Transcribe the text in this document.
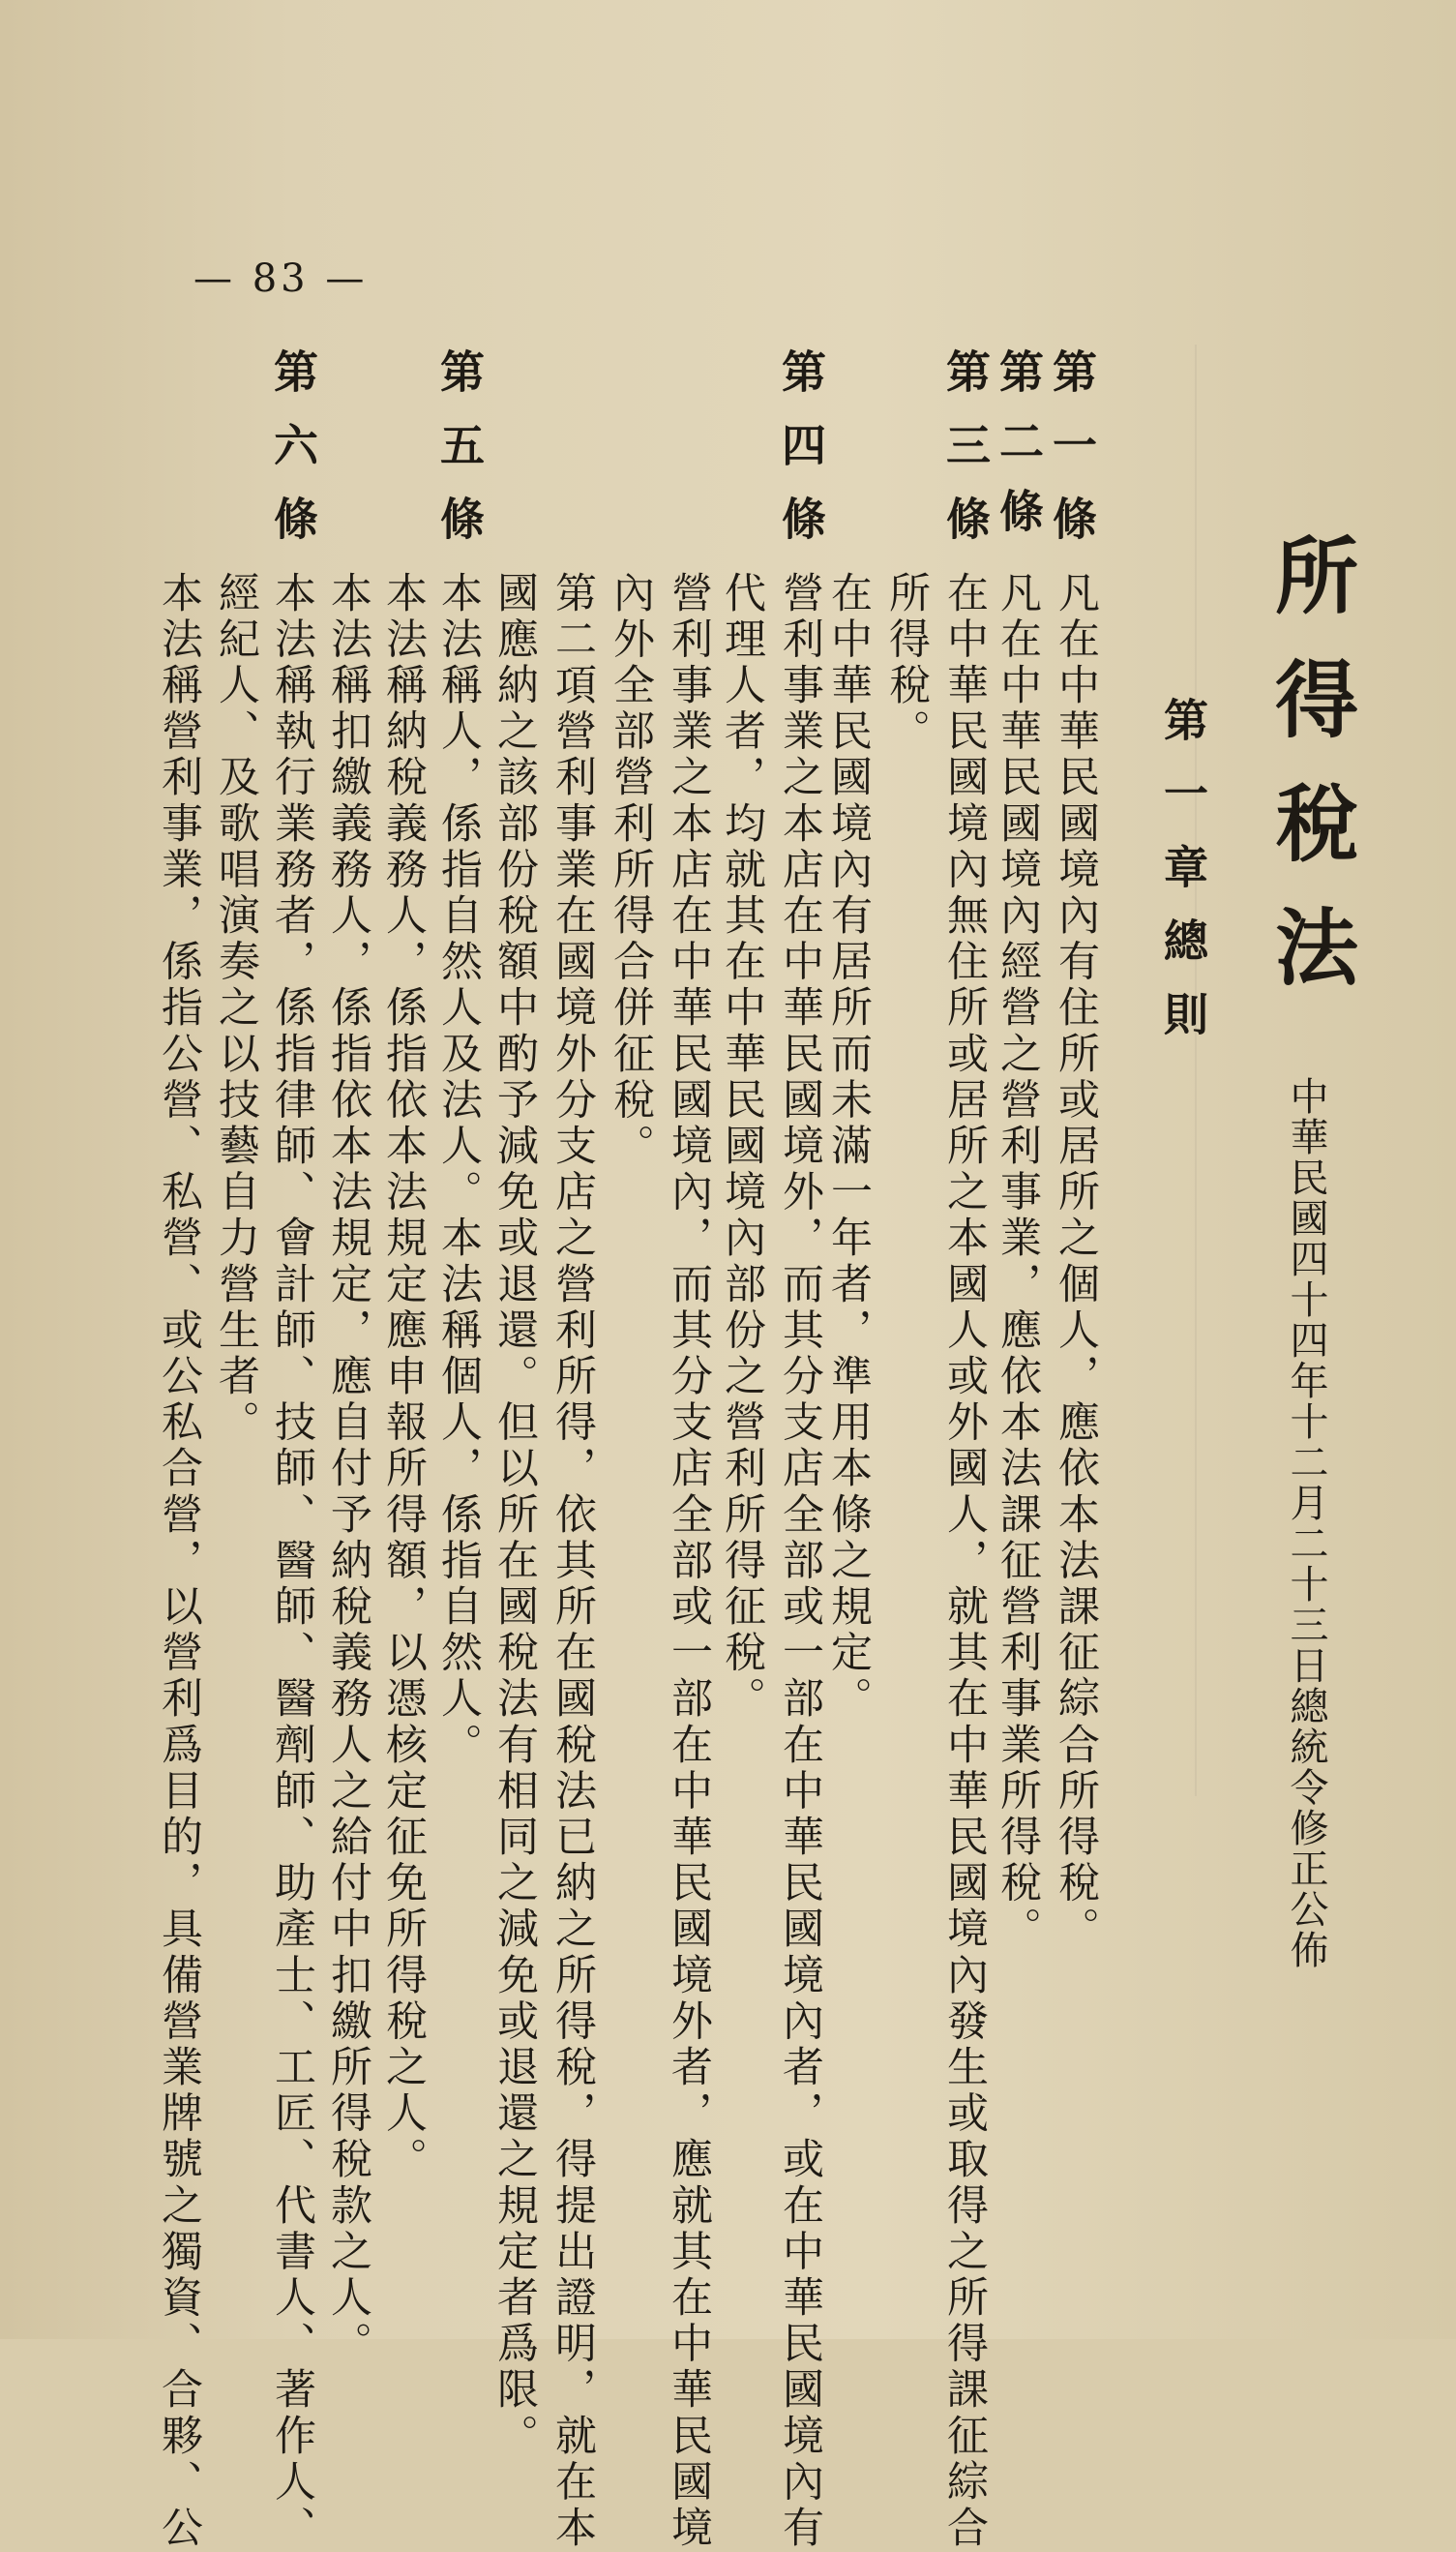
— 83 —
所得稅法
中華民國四十四年十二月二十三日總統令修正公佈
第一章總則
第一條
凡在中華民國境內有住所或居所之個人，應依本法課征綜合所得稅。
第二條
凡在中華民國境內經營之營利事業，應依本法課征營利事業所得稅。
第三條
在中華民國境內無住所或居所之本國人或外國人，就其在中華民國境內發生或取得之所得課征綜合
所得稅。
在中華民國境內有居所而未滿一年者，準用本條之規定。
第四條
營利事業之本店在中華民國境外，而其分支店全部或一部在中華民國境內者，或在中華民國境內有
代理人者，均就其在中華民國境內部份之營利所得征稅。
營利事業之本店在中華民國境內，而其分支店全部或一部在中華民國境外者，應就其在中華民國境
內外全部營利所得合併征稅。
第二項營利事業在國境外分支店之營利所得，依其所在國稅法已納之所得稅，得提出證明，就在本
國應納之該部份稅額中酌予減免或退還。但以所在國稅法有相同之減免或退還之規定者爲限。
第五條
本法稱人，係指自然人及法人。本法稱個人，係指自然人。
本法稱納稅義務人，係指依本法規定應申報所得額，以憑核定征免所得稅之人。
本法稱扣繳義務人，係指依本法規定，應自付予納稅義務人之給付中扣繳所得稅款之人。
第六條
本法稱執行業務者，係指律師、會計師、技師、醫師、醫劑師、助產士、工匠、代書人、著作人、
經紀人、及歌唱演奏之以技藝自力營生者。
本法稱營利事業，係指公營、私營、或公私合營，以營利爲目的，具備營業牌號之獨資、合夥、公
